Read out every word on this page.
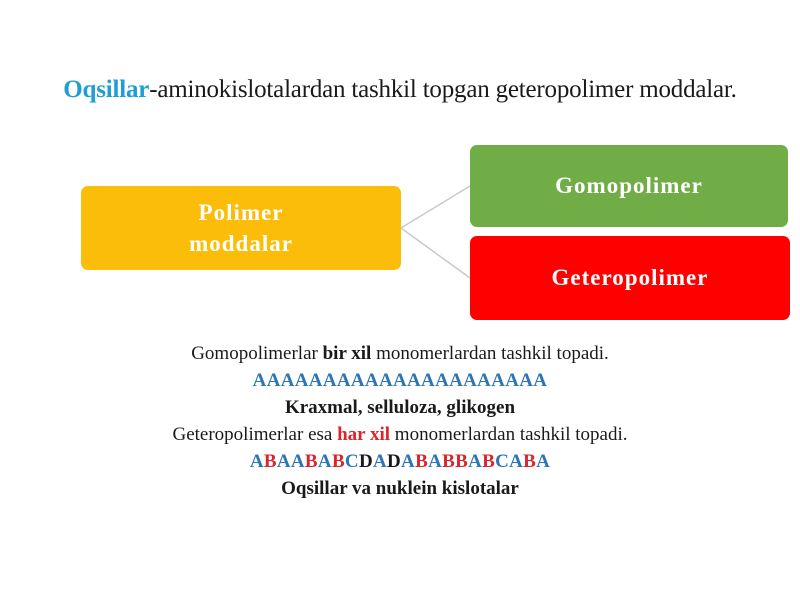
Oqsillar-aminokislotalardan tashkil topgan geteropolimer moddalar.
Polimer
moddalar
Gomopolimer
Geteropolimer
Gomopolimerlar bir xil monomerlardan tashkil topadi.
AAAAAAAAAAAAAAAAAAAAA
Kraxmal, selluloza, glikogen
Geteropolimerlar esa har xil monomerlardan tashkil topadi.
ABAABABCDADABABBABCABA
Oqsillar va nuklein kislotalar
